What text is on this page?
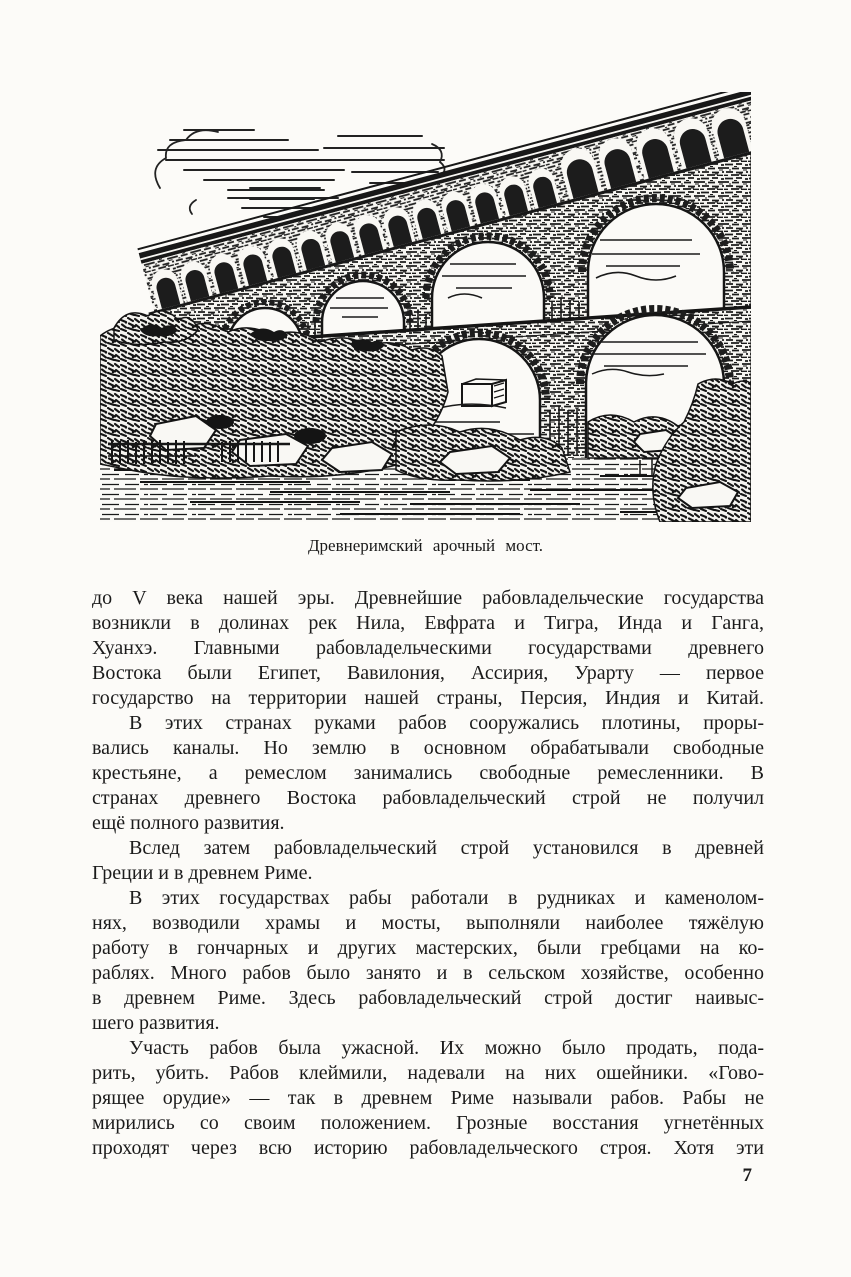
Древнеримский арочный мост.
до V века нашей эры. Древнейшие рабовладельческие государства
возникли в долинах рек Нила, Евфрата и Тигра, Инда и Ганга,
Хуанхэ. Главными рабовладельческими государствами древнего
Востока были Египет, Вавилония, Ассирия, Урарту — первое
государство на территории нашей страны, Персия, Индия и Китай.
В этих странах руками рабов сооружались плотины, проры-
вались каналы. Но землю в основном обрабатывали свободные
крестьяне, а ремеслом занимались свободные ремесленники. В
странах древнего Востока рабовладельческий строй не получил
ещё полного развития.
Вслед затем рабовладельческий строй установился в древней
Греции и в древнем Риме.
В этих государствах рабы работали в рудниках и каменолом-
нях, возводили храмы и мосты, выполняли наиболее тяжёлую
работу в гончарных и других мастерских, были гребцами на ко-
раблях. Много рабов было занято и в сельском хозяйстве, особенно
в древнем Риме. Здесь рабовладельческий строй достиг наивыс-
шего развития.
Участь рабов была ужасной. Их можно было продать, пода-
рить, убить. Рабов клеймили, надевали на них ошейники. «Гово-
рящее орудие» — так в древнем Риме называли рабов. Рабы не
мирились со своим положением. Грозные восстания угнетённых
проходят через всю историю рабовладельческого строя. Хотя эти
7
